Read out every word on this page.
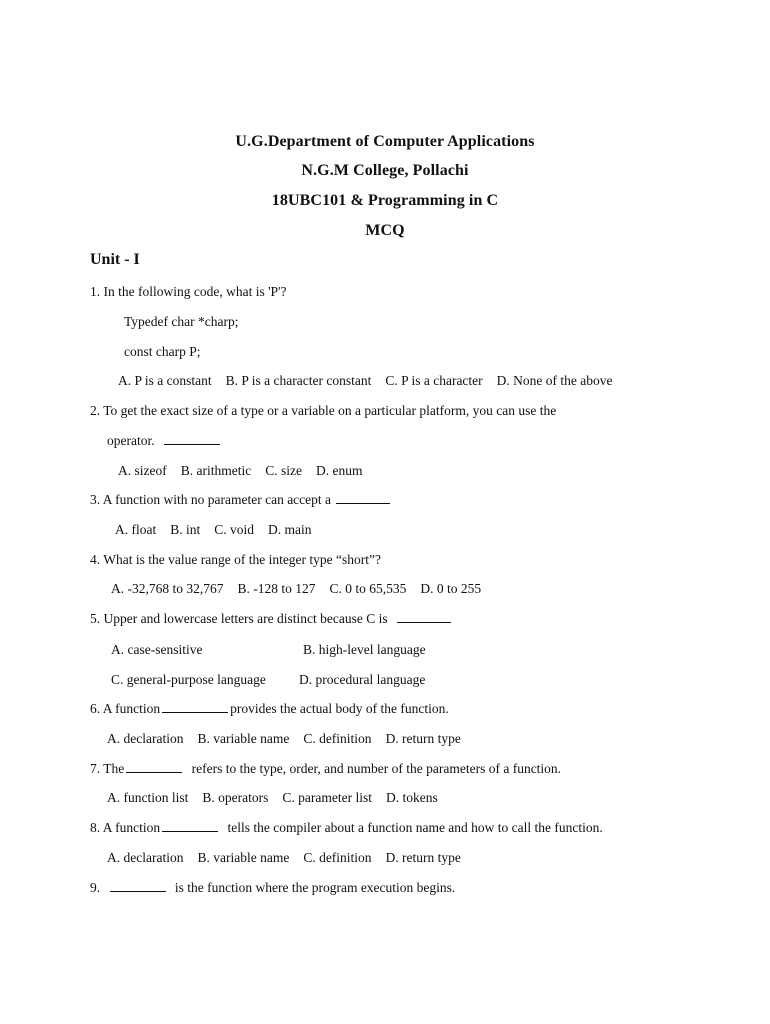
U.G.Department of Computer Applications
N.G.M College, Pollachi
18UBC101 & Programming in C
MCQ
Unit - I
1. In the following code, what is 'P'?
Typedef char *charp;
const charp P;
A. P is a constant B. P is a character constant C. P is a character D. None of the above
2. To get the exact size of a type or a variable on a particular platform, you can use the
operator.
A. sizeof B. arithmetic C. size D. enum
3. A function with no parameter can accept a
A. float B. int C. void D. main
4. What is the value range of the integer type “short”?
A. -32,768 to 32,767 B. -128 to 127 C. 0 to 65,535 D. 0 to 255
5. Upper and lowercase letters are distinct because C is
A. case-sensitive	B. high-level language
C. general-purpose language D. procedural language
6. A function	provides the actual body of the function.
A. declaration B. variable name C. definition D. return type
7. The	refers to the type, order, and number of the parameters of a function.
A. function list B. operators C. parameter list D. tokens
8. A function	tells the compiler about a function name and how to call the function.
A. declaration B. variable name C. definition D. return type
9.	is the function where the program execution begins.
